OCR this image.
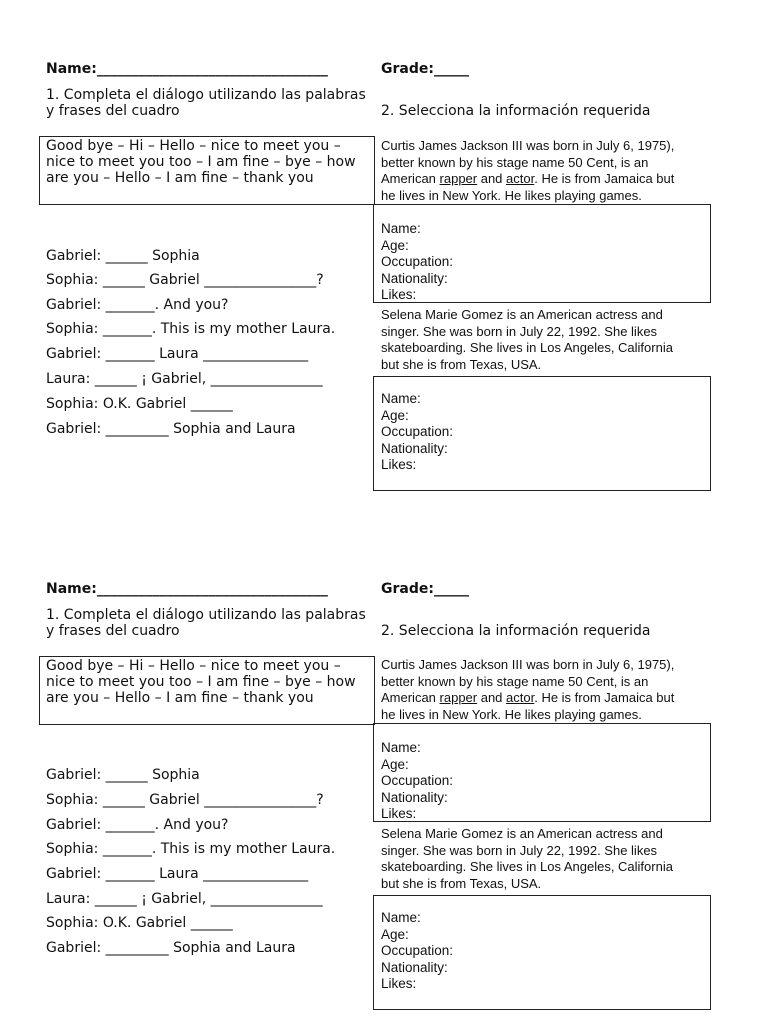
Name:_________________________________	Grade:_____
1. Completa el diálogo utilizando las palabras
y frases del cuadro	2. Selecciona la información requerida
Good bye – Hi – Hello – nice to meet you –
nice to meet you too – I am fine – bye – how
are you – Hello – I am fine – thank you
Gabriel: ______ Sophia
Sophia: ______ Gabriel ________________?
Gabriel: _______. And you?
Sophia: _______. This is my mother Laura.
Gabriel: _______ Laura _______________
Laura: ______ ¡ Gabriel, ________________
Sophia: O.K. Gabriel ______
Gabriel: _________ Sophia and Laura
Curtis James Jackson III was born in July 6, 1975),
better known by his stage name 50 Cent, is an
American rapper and actor. He is from Jamaica but
he lives in New York. He likes playing games.
Name:
Age:
Occupation:
Nationality:
Likes:
Selena Marie Gomez is an American actress and
singer. She was born in July 22, 1992. She likes
skateboarding. She lives in Los Angeles, California
but she is from Texas, USA.
Name:
Age:
Occupation:
Nationality:
Likes:
Name:_________________________________	Grade:_____
1. Completa el diálogo utilizando las palabras
y frases del cuadro	2. Selecciona la información requerida
Good bye – Hi – Hello – nice to meet you –
nice to meet you too – I am fine – bye – how
are you – Hello – I am fine – thank you
Gabriel: ______ Sophia
Sophia: ______ Gabriel ________________?
Gabriel: _______. And you?
Sophia: _______. This is my mother Laura.
Gabriel: _______ Laura _______________
Laura: ______ ¡ Gabriel, ________________
Sophia: O.K. Gabriel ______
Gabriel: _________ Sophia and Laura
Curtis James Jackson III was born in July 6, 1975),
better known by his stage name 50 Cent, is an
American rapper and actor. He is from Jamaica but
he lives in New York. He likes playing games.
Name:
Age:
Occupation:
Nationality:
Likes:
Selena Marie Gomez is an American actress and
singer. She was born in July 22, 1992. She likes
skateboarding. She lives in Los Angeles, California
but she is from Texas, USA.
Name:
Age:
Occupation:
Nationality:
Likes:
